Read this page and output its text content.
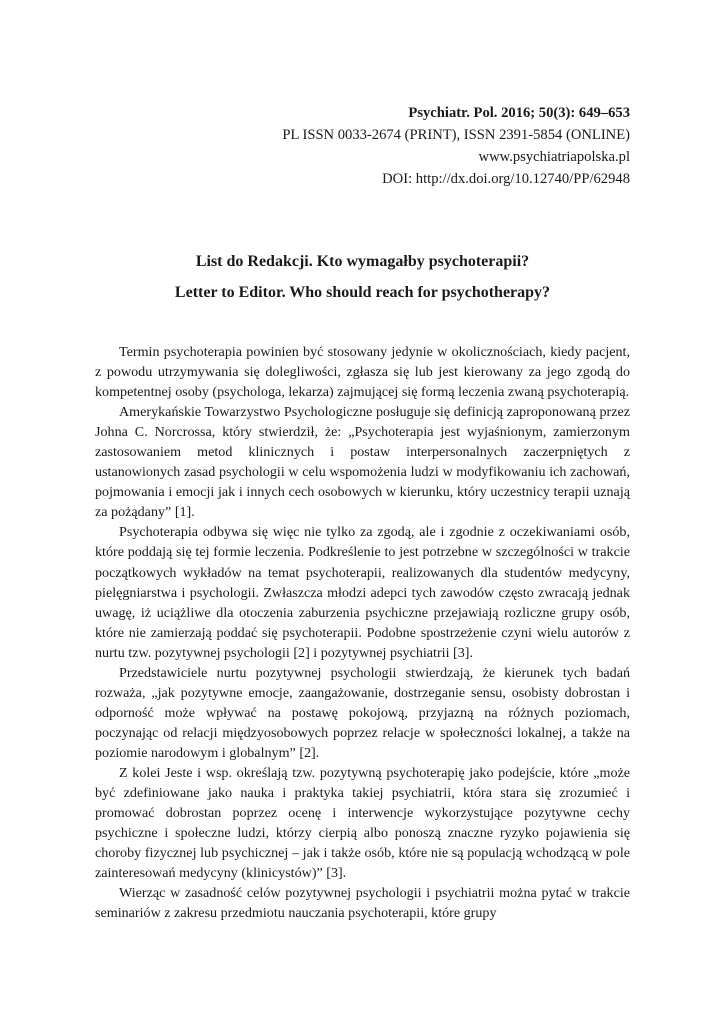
Psychiatr. Pol. 2016; 50(3): 649–653
PL ISSN 0033-2674 (PRINT), ISSN 2391-5854 (ONLINE)
www.psychiatriapolska.pl
DOI: http://dx.doi.org/10.12740/PP/62948
List do Redakcji. Kto wymagałby psychoterapii?
Letter to Editor. Who should reach for psychotherapy?

Termin psychoterapia powinien być stosowany jedynie w okolicznościach, kiedy pacjent, z powodu utrzymywania się dolegliwości, zgłasza się lub jest kierowany za jego zgodą do kompetentnej osoby (psychologa, lekarza) zajmującej się formą leczenia zwaną psychoterapią.

Amerykańskie Towarzystwo Psychologiczne posługuje się definicją zaproponowaną przez Johna C. Norcrossa, który stwierdził, że: „Psychoterapia jest wyjaśnionym, zamierzonym zastosowaniem metod klinicznych i postaw interpersonalnych zaczerpniętych z ustanowionych zasad psychologii w celu wspomożenia ludzi w modyfikowaniu ich zachowań, pojmowania i emocji jak i innych cech osobowych w kierunku, który uczestnicy terapii uznają za pożądany” [1].

Psychoterapia odbywa się więc nie tylko za zgodą, ale i zgodnie z oczekiwaniami osób, które poddają się tej formie leczenia. Podkreślenie to jest potrzebne w szczególności w trakcie początkowych wykładów na temat psychoterapii, realizowanych dla studentów medycyny, pielęgniarstwa i psychologii. Zwłaszcza młodzi adepci tych zawodów często zwracają jednak uwagę, iż uciążliwe dla otoczenia zaburzenia psychiczne przejawiają rozliczne grupy osób, które nie zamierzają poddać się psychoterapii. Podobne spostrzeżenie czyni wielu autorów z nurtu tzw. pozytywnej psychologii [2] i pozytywnej psychiatrii [3].

Przedstawiciele nurtu pozytywnej psychologii stwierdzają, że kierunek tych badań rozważa, „jak pozytywne emocje, zaangażowanie, dostrzeganie sensu, osobisty dobrostan i odporność może wpływać na postawę pokojową, przyjazną na różnych poziomach, poczynając od relacji międzyosobowych poprzez relacje w społeczności lokalnej, a także na poziomie narodowym i globalnym” [2].

Z kolei Jeste i wsp. określają tzw. pozytywną psychoterapię jako podejście, które „może być zdefiniowane jako nauka i praktyka takiej psychiatrii, która stara się zrozumieć i promować dobrostan poprzez ocenę i interwencje wykorzystujące pozytywne cechy psychiczne i społeczne ludzi, którzy cierpią albo ponoszą znaczne ryzyko pojawienia się choroby fizycznej lub psychicznej – jak i także osób, które nie są populacją wchodzącą w pole zainteresowań medycyny (klinicystów)” [3].

Wierząc w zasadność celów pozytywnej psychologii i psychiatrii można pytać w trakcie seminariów z zakresu przedmiotu nauczania psychoterapii, które grupy
